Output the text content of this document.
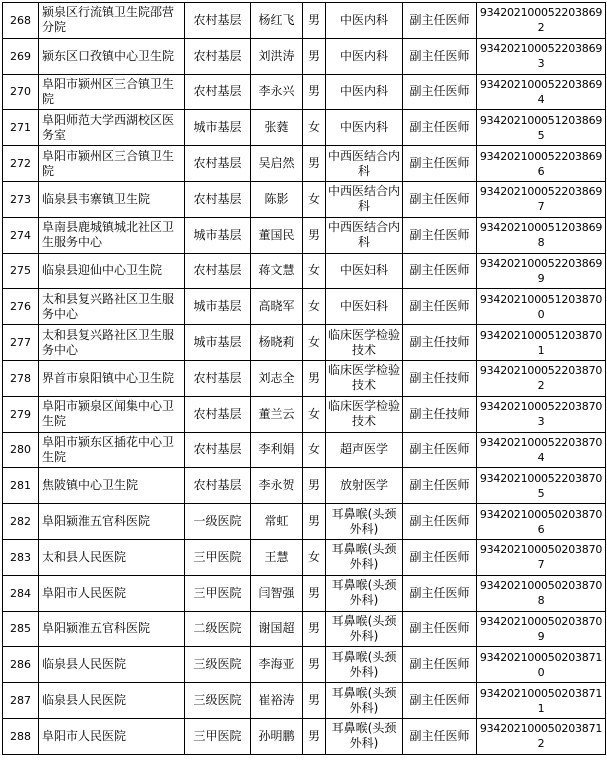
268	颍泉区行流镇卫生院邵营分院	农村基层	杨红飞	男	中医内科	副主任医师	934202100052203869​2
269	颍东区口孜镇中心卫生院	农村基层	刘洪涛	男	中医内科	副主任医师	9342021000522038693
270	阜阳市颍州区三合镇卫生院	农村基层	李永兴	男	中医内科	副主任医师	9342021000522038694
271	阜阳师范大学西湖校区医务室	城市基层	张蕤	女	中医内科	副主任医师	9342021000512038695
272	阜阳市颍州区三合镇卫生院	农村基层	吴启然	男	中西医结合内科	副主任医师	9342021000522038696
273	临泉县韦寨镇卫生院	农村基层	陈影	女	中西医结合内科	副主任医师	9342021000522038697
274	阜南县鹿城镇城北社区卫生服务中心	城市基层	董国民	男	中西医结合内科	副主任医师	9342021000512038698
275	临泉县迎仙中心卫生院	农村基层	蒋文慧	女	中医妇科	副主任医师	9342021000522038699
276	太和县复兴路社区卫生服务中心	城市基层	高晓军	女	中医妇科	副主任医师	9342021000512038700
277	太和县复兴路社区卫生服务中心	城市基层	杨晓莉	女	临床医学检验技术	副主任技师	9342021000512038701
278	界首市泉阳镇中心卫生院	农村基层	刘志全	男	临床医学检验技术	副主任技师	9342021000522038702
279	阜阳市颍泉区闻集中心卫生院	农村基层	董兰云	女	临床医学检验技术	副主任技师	9342021000522038703
280	阜阳市颍东区插花中心卫生院	农村基层	李利娟	女	超声医学	副主任医师	9342021000522038704
281	焦陂镇中心卫生院	农村基层	李永贺	男	放射医学	副主任医师	9342021000522038705
282	阜阳颍淮五官科医院	一级医院	常虹	男	耳鼻喉(头颈外科)	副主任医师	9342021000502038706
283	太和县人民医院	三甲医院	王慧	女	耳鼻喉(头颈外科)	副主任医师	9342021000502038707
284	阜阳市人民医院	三甲医院	闫智强	男	耳鼻喉(头颈外科)	副主任医师	9342021000502038708
285	阜阳颍淮五官科医院	二级医院	谢国超	男	耳鼻喉(头颈外科)	副主任医师	9342021000502038709
286	临泉县人民医院	三级医院	李海亚	男	耳鼻喉(头颈外科)	副主任医师	9342021000502038710
287	临泉县人民医院	三级医院	崔裕涛	男	耳鼻喉(头颈外科)	副主任医师	9342021000502038711
288	阜阳市人民医院	三甲医院	孙明鹏	男	耳鼻喉(头颈外科)	副主任医师	9342021000502038712
